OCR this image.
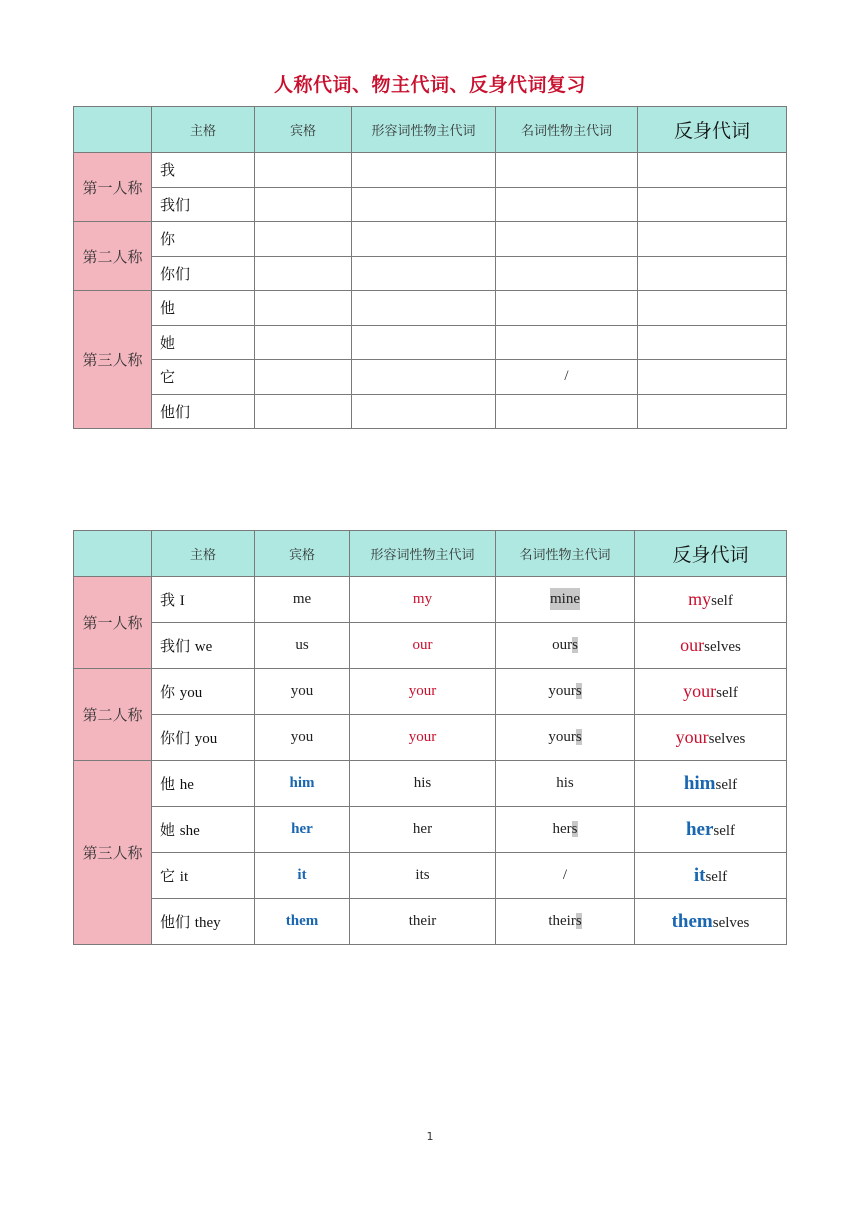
人称代词、物主代词、反身代词复习
	主格	宾格	形容词性物主代词	名词性物主代词	反身代词
第一人称	我				
	我们				
第二人称	你				
	你们				
第三人称	他				
	她				
	它			/	
	他们				
	主格	宾格	形容词性物主代词	名词性物主代词	反身代词
第一人称	我 I	me	my	mine	myself
	我们 we	us	our	ours	ourselves
第二人称	你 you	you	your	yours	yourself
	你们 you	you	your	yours	yourselves
第三人称	他 he	him	his	his	himself
	她 she	her	her	hers	herself
	它 it	it	its	/	itself
	他们 they	them	their	theirs	themselves
1
